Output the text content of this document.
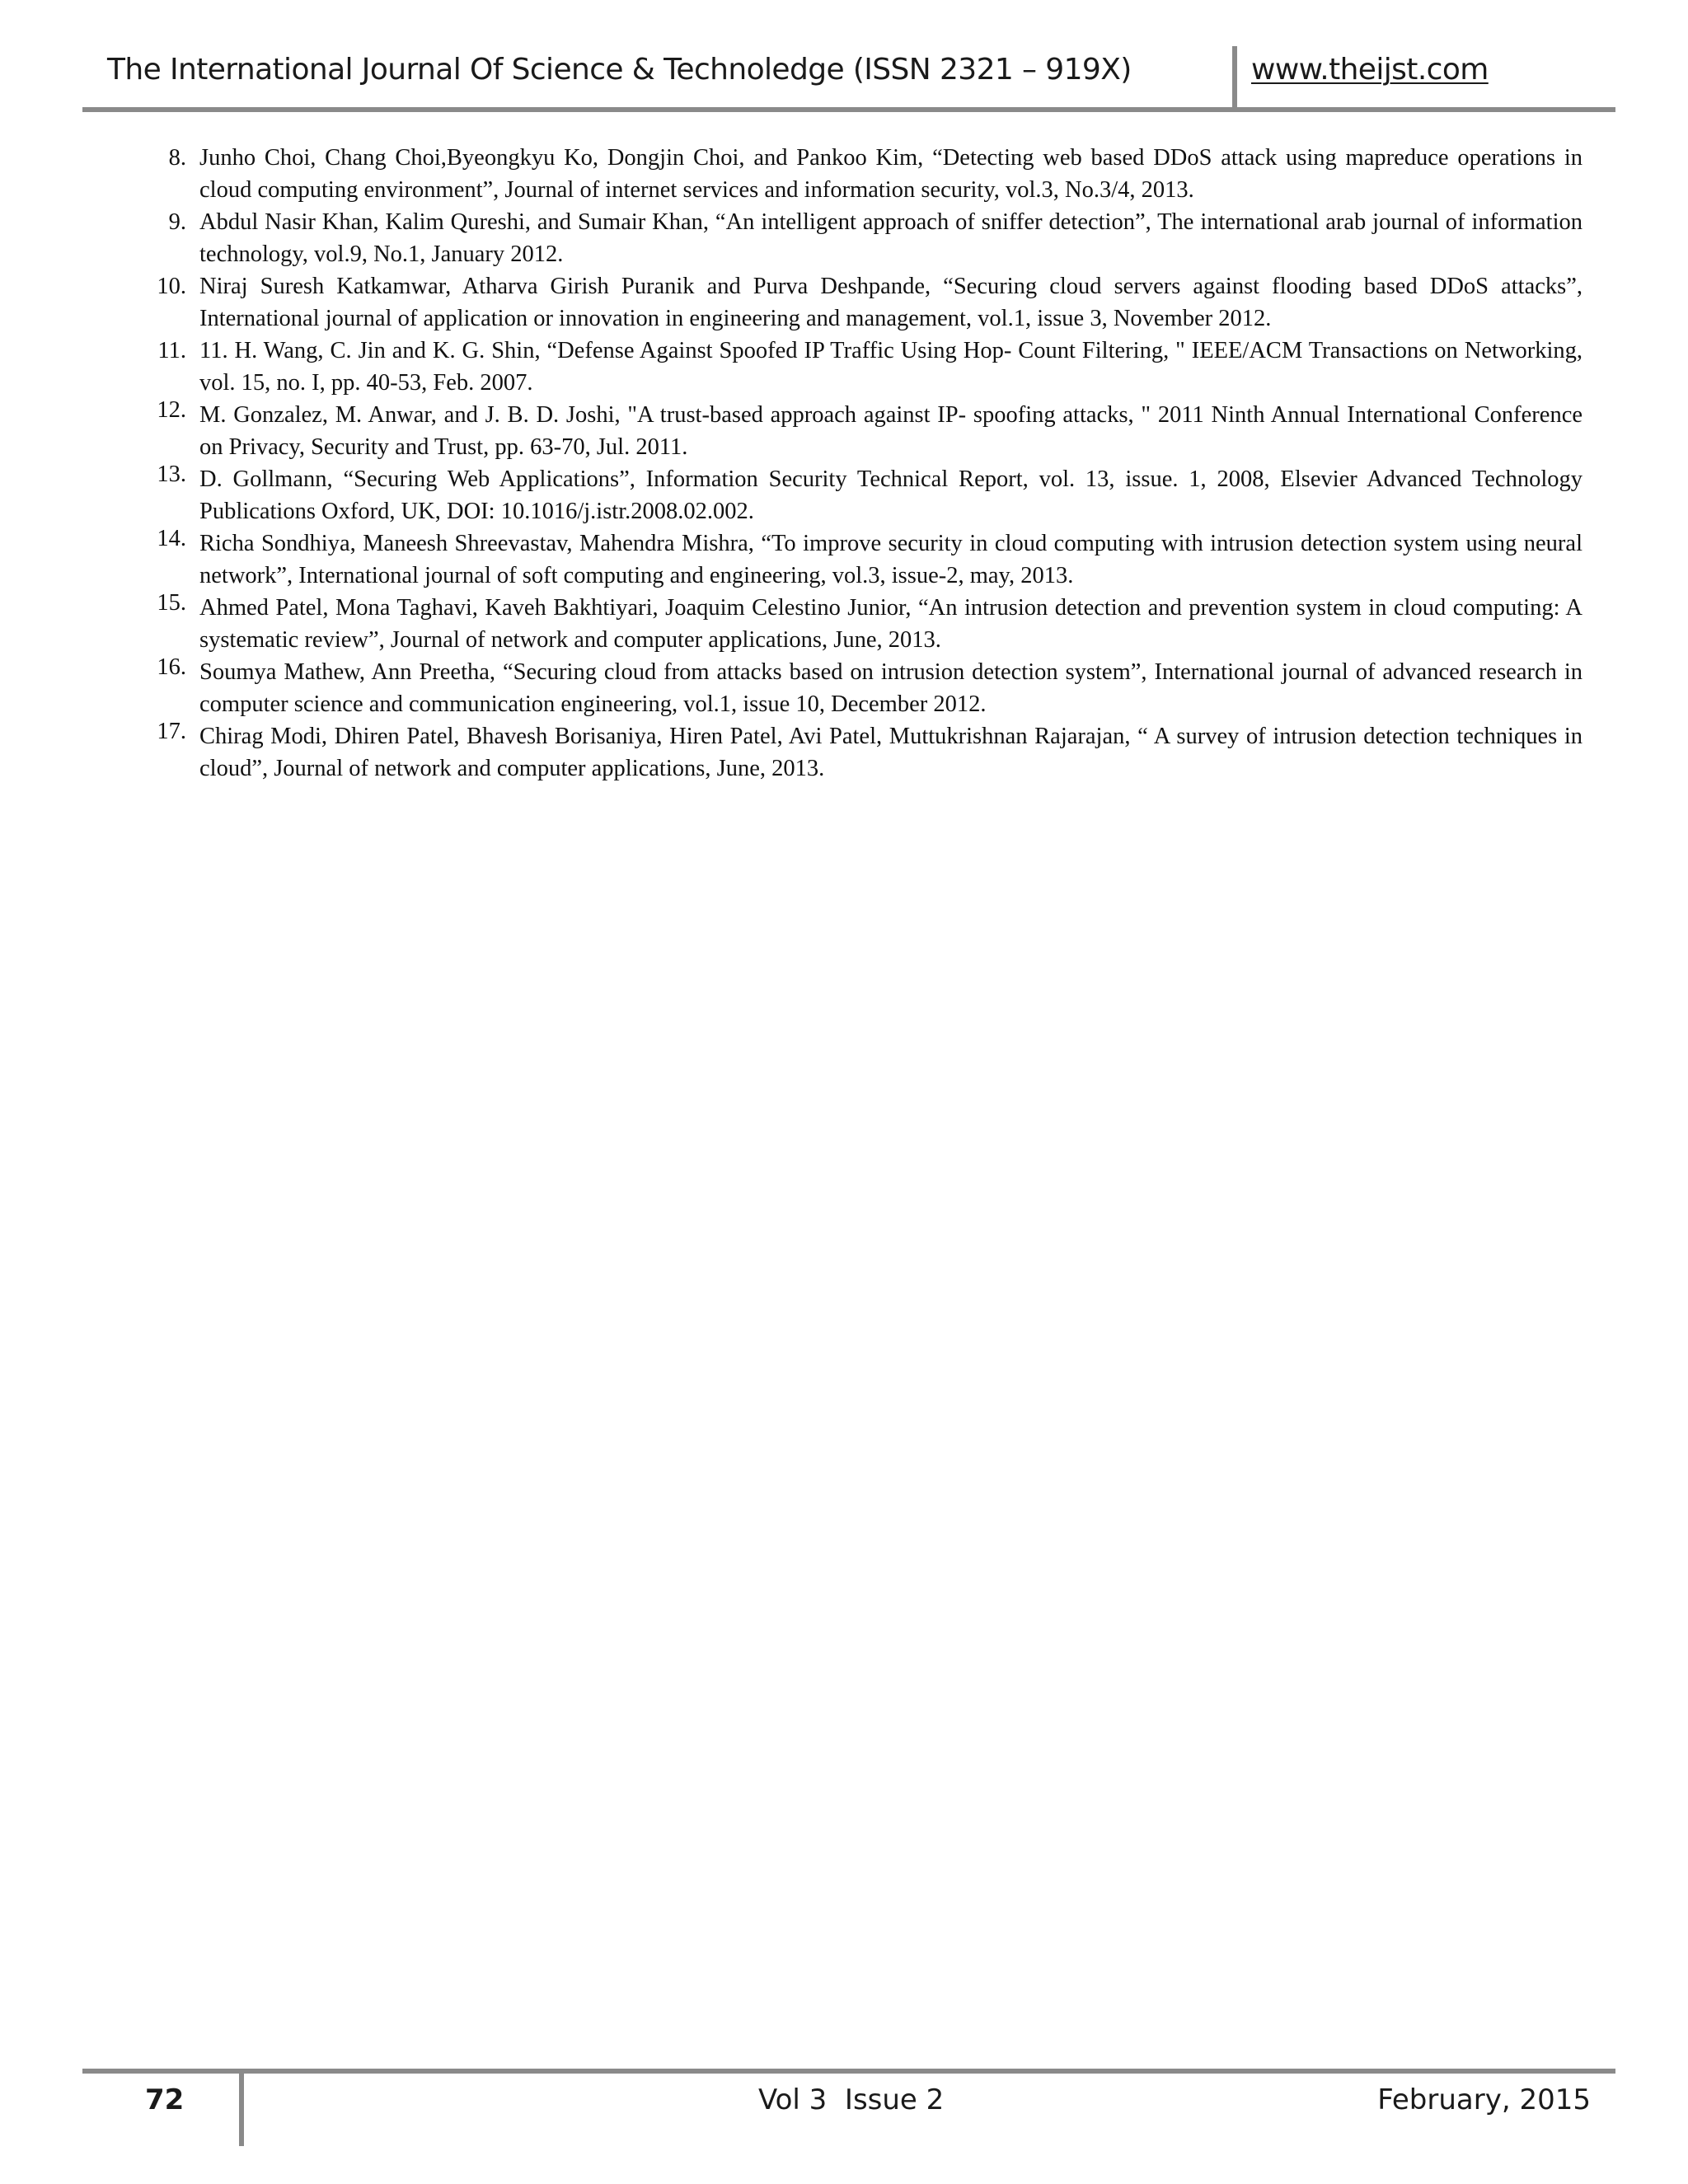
The International Journal Of Science & Technoledge (ISSN 2321 – 919X)	www.theijst.com
8. Junho Choi, Chang Choi,Byeongkyu Ko, Dongjin Choi, and Pankoo Kim, “Detecting web based DDoS attack using mapreduce operations in cloud computing environment”, Journal of internet services and information security, vol.3, No.3/4, 2013.
9. Abdul Nasir Khan, Kalim Qureshi, and Sumair Khan, “An intelligent approach of sniffer detection”, The international arab journal of information technology, vol.9, No.1, January 2012.
10. Niraj Suresh Katkamwar, Atharva Girish Puranik and Purva Deshpande, “Securing cloud servers against flooding based DDoS attacks”, International journal of application or innovation in engineering and management, vol.1, issue 3, November 2012.
11. 11. H. Wang, C. Jin and K. G. Shin, “Defense Against Spoofed IP Traffic Using Hop- Count Filtering, " IEEE/ACM Transactions on Networking, vol. 15, no. I, pp. 40-53, Feb. 2007.
12. M. Gonzalez, M. Anwar, and J. B. D. Joshi, "A trust-based approach against IP- spoofing attacks, " 2011 Ninth Annual International Conference on Privacy, Security and Trust, pp. 63-70, Jul. 2011.
13. D. Gollmann, “Securing Web Applications”, Information Security Technical Report, vol. 13, issue. 1, 2008, Elsevier Advanced Technology Publications Oxford, UK, DOI: 10.1016/j.istr.2008.02.002.
14. Richa Sondhiya, Maneesh Shreevastav, Mahendra Mishra, “To improve security in cloud computing with intrusion detection system using neural network”, International journal of soft computing and engineering, vol.3, issue-2, may, 2013.
15. Ahmed Patel, Mona Taghavi, Kaveh Bakhtiyari, Joaquim Celestino Junior, “An intrusion detection and prevention system in cloud computing: A systematic review”, Journal of network and computer applications, June, 2013.
16. Soumya Mathew, Ann Preetha, “Securing cloud from attacks based on intrusion detection system”, International journal of advanced research in computer science and communication engineering, vol.1, issue 10, December 2012.
17. Chirag Modi, Dhiren Patel, Bhavesh Borisaniya, Hiren Patel, Avi Patel, Muttukrishnan Rajarajan, “ A survey of intrusion detection techniques in cloud”, Journal of network and computer applications, June, 2013.
72	Vol 3  Issue 2	February, 2015
